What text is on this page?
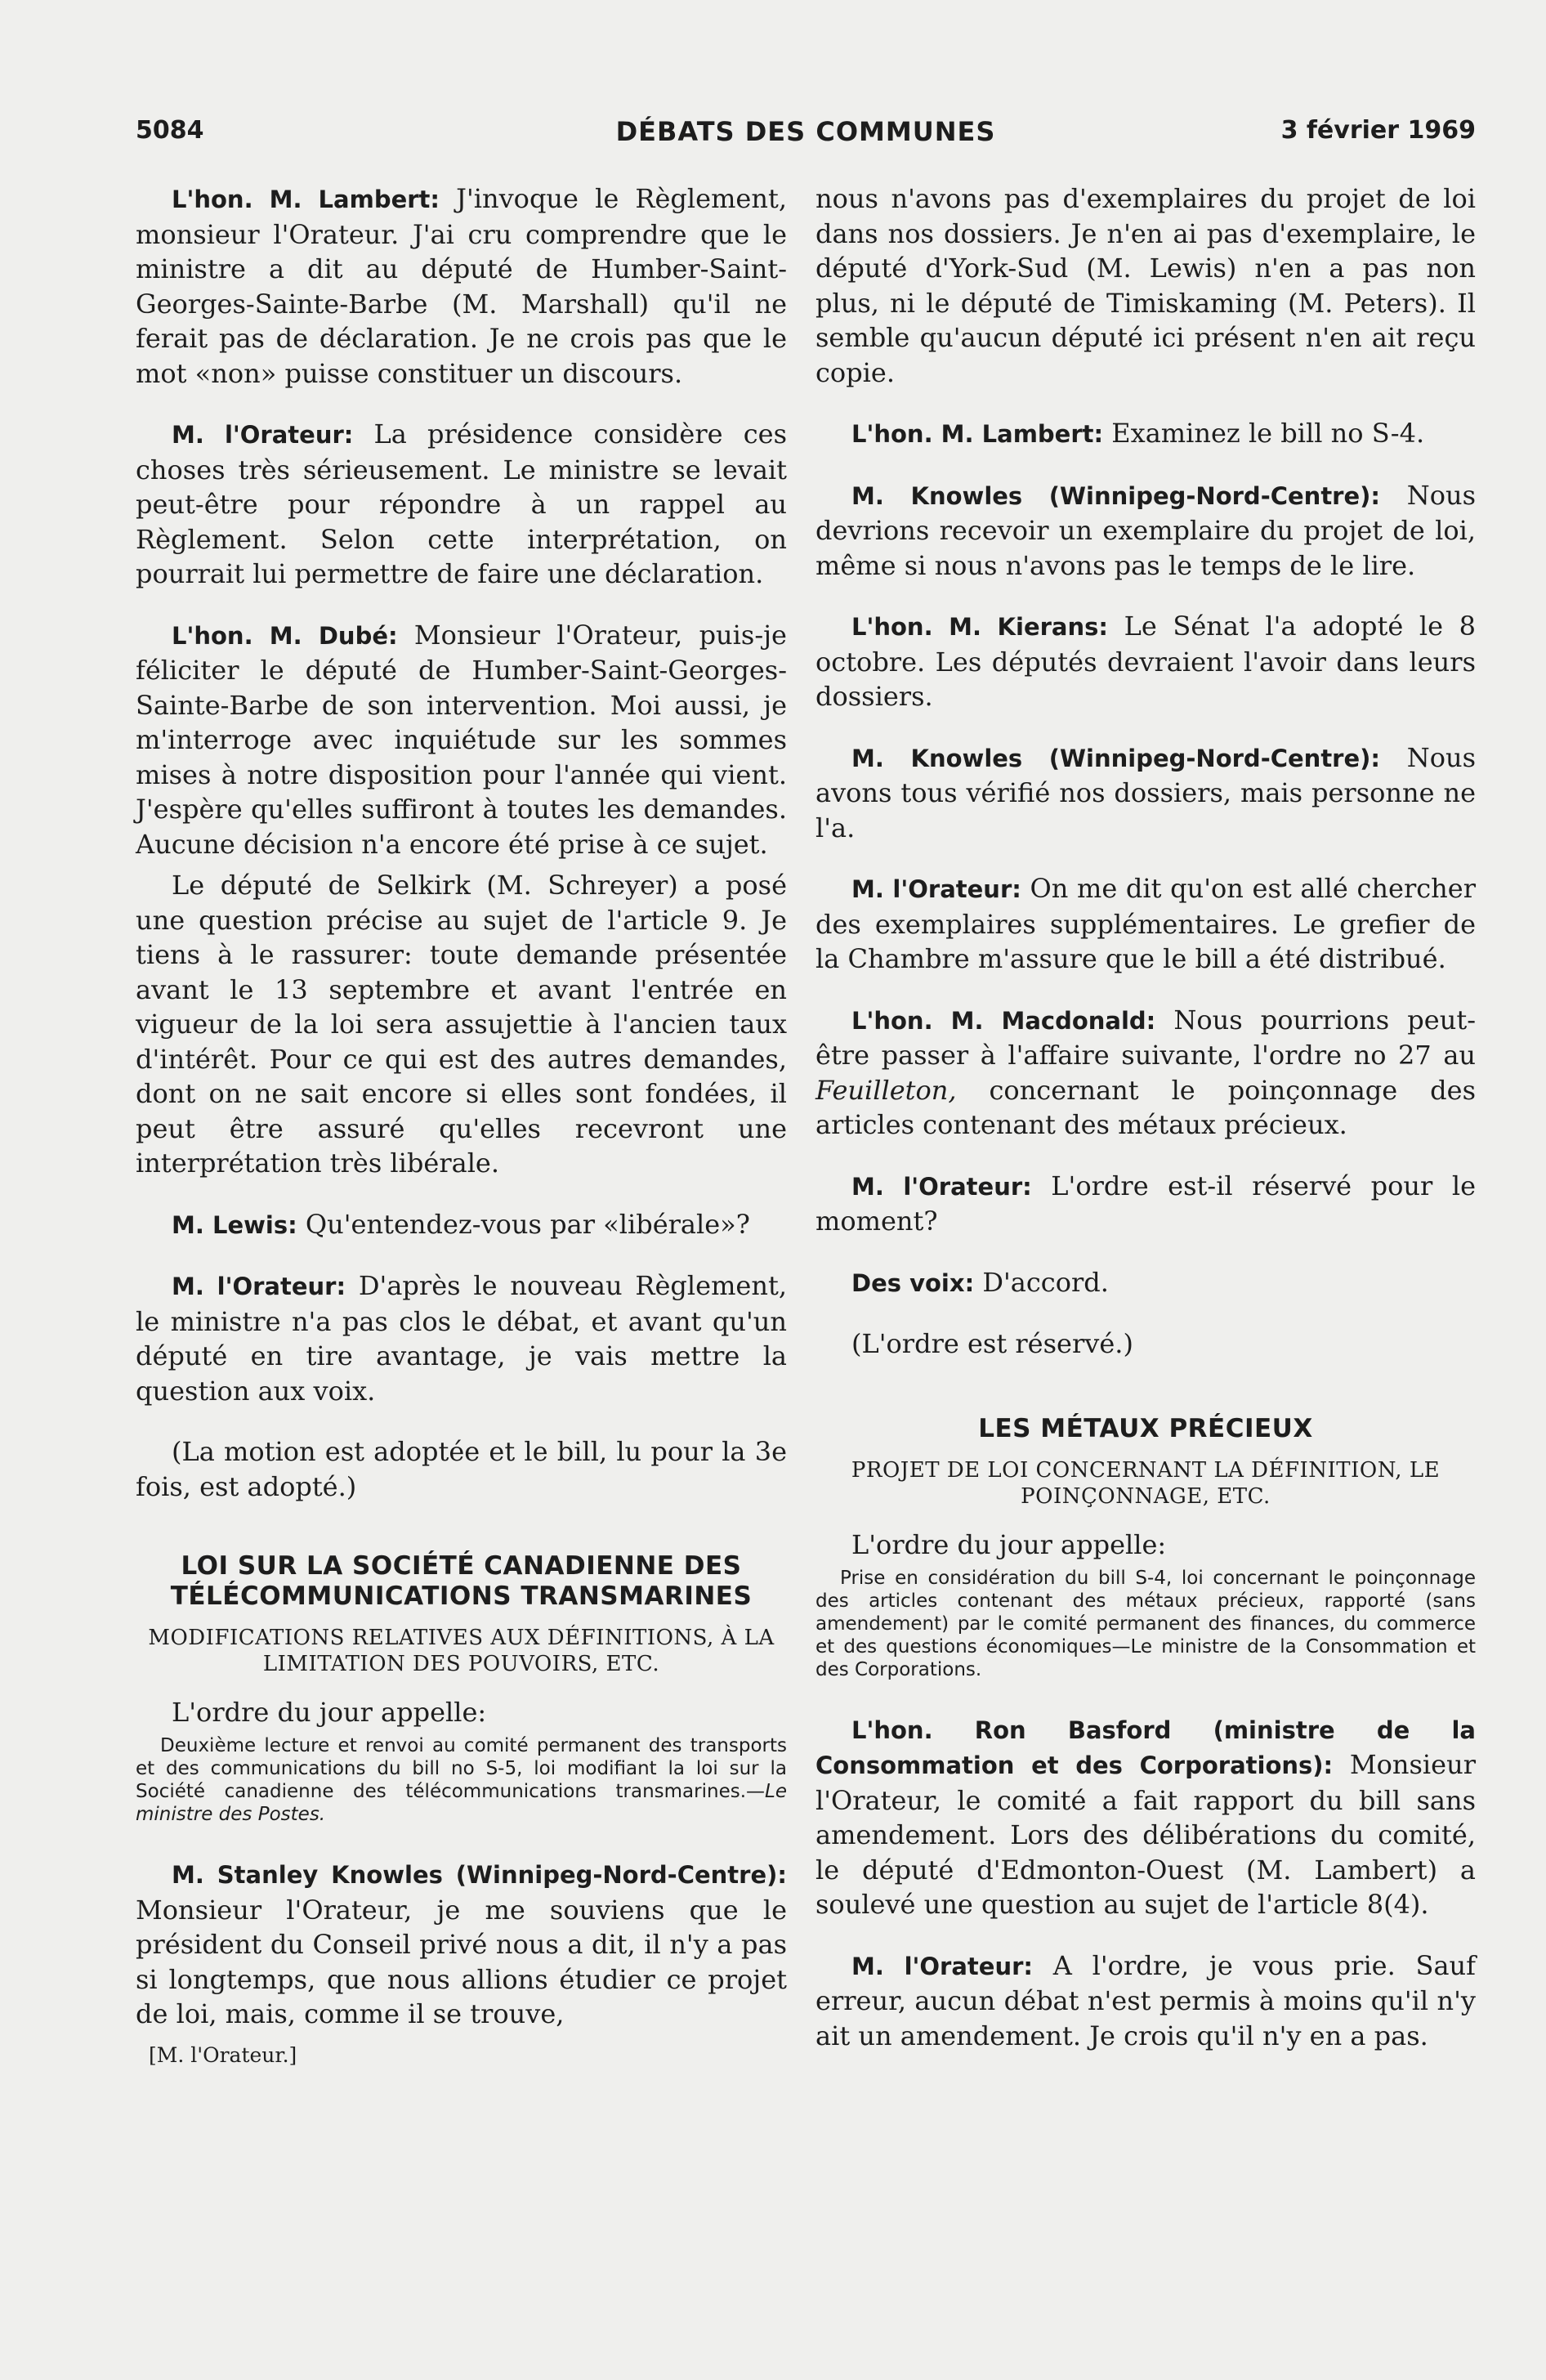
5084	DÉBATS DES COMMUNES	3 février 1969

L'hon. M. Lambert: J'invoque le Règlement, monsieur l'Orateur. J'ai cru comprendre que le ministre a dit au député de Humber-Saint-Georges-Sainte-Barbe (M. Marshall) qu'il ne ferait pas de déclaration. Je ne crois pas que le mot «non» puisse constituer un discours.

M. l'Orateur: La présidence considère ces choses très sérieusement. Le ministre se levait peut-être pour répondre à un rappel au Règlement. Selon cette interprétation, on pourrait lui permettre de faire une déclaration.

L'hon. M. Dubé: Monsieur l'Orateur, puis-je féliciter le député de Humber-Saint-Georges-Sainte-Barbe de son intervention. Moi aussi, je m'interroge avec inquiétude sur les sommes mises à notre disposition pour l'année qui vient. J'espère qu'elles suffiront à toutes les demandes. Aucune décision n'a encore été prise à ce sujet.

Le député de Selkirk (M. Schreyer) a posé une question précise au sujet de l'article 9. Je tiens à le rassurer: toute demande présentée avant le 13 septembre et avant l'entrée en vigueur de la loi sera assujettie à l'ancien taux d'intérêt. Pour ce qui est des autres demandes, dont on ne sait encore si elles sont fondées, il peut être assuré qu'elles recevront une interprétation très libérale.

M. Lewis: Qu'entendez-vous par «libérale»?

M. l'Orateur: D'après le nouveau Règlement, le ministre n'a pas clos le débat, et avant qu'un député en tire avantage, je vais mettre la question aux voix.

(La motion est adoptée et le bill, lu pour la 3e fois, est adopté.)

LOI SUR LA SOCIÉTÉ CANADIENNE DES TÉLÉCOMMUNICATIONS TRANSMARINES
MODIFICATIONS RELATIVES AUX DÉFINITIONS, À LA LIMITATION DES POUVOIRS, ETC.
L'ordre du jour appelle:
Deuxième lecture et renvoi au comité permanent des transports et des communications du bill no S-5, loi modifiant la loi sur la Société canadienne des télécommunications transmarines.—Le ministre des Postes.

M. Stanley Knowles (Winnipeg-Nord-Centre): Monsieur l'Orateur, je me souviens que le président du Conseil privé nous a dit, il n'y a pas si longtemps, que nous allions étudier ce projet de loi, mais, comme il se trouve,

[M. l'Orateur.]

nous n'avons pas d'exemplaires du projet de loi dans nos dossiers. Je n'en ai pas d'exemplaire, le député d'York-Sud (M. Lewis) n'en a pas non plus, ni le député de Timiskaming (M. Peters). Il semble qu'aucun député ici présent n'en ait reçu copie.

L'hon. M. Lambert: Examinez le bill no S-4.

M. Knowles (Winnipeg-Nord-Centre): Nous devrions recevoir un exemplaire du projet de loi, même si nous n'avons pas le temps de le lire.

L'hon. M. Kierans: Le Sénat l'a adopté le 8 octobre. Les députés devraient l'avoir dans leurs dossiers.

M. Knowles (Winnipeg-Nord-Centre): Nous avons tous vérifié nos dossiers, mais personne ne l'a.

M. l'Orateur: On me dit qu'on est allé chercher des exemplaires supplémentaires. Le grefier de la Chambre m'assure que le bill a été distribué.

L'hon. M. Macdonald: Nous pourrions peut-être passer à l'affaire suivante, l'ordre no 27 au Feuilleton, concernant le poinçonnage des articles contenant des métaux précieux.

M. l'Orateur: L'ordre est-il réservé pour le moment?

Des voix: D'accord.

(L'ordre est réservé.)

LES MÉTAUX PRÉCIEUX
PROJET DE LOI CONCERNANT LA DÉFINITION, LE POINÇONNAGE, ETC.
L'ordre du jour appelle:
Prise en considération du bill S-4, loi concernant le poinçonnage des articles contenant des métaux précieux, rapporté (sans amendement) par le comité permanent des finances, du commerce et des questions économiques—Le ministre de la Consommation et des Corporations.

L'hon. Ron Basford (ministre de la Consommation et des Corporations): Monsieur l'Orateur, le comité a fait rapport du bill sans amendement. Lors des délibérations du comité, le député d'Edmonton-Ouest (M. Lambert) a soulevé une question au sujet de l'article 8(4).

M. l'Orateur: A l'ordre, je vous prie. Sauf erreur, aucun débat n'est permis à moins qu'il n'y ait un amendement. Je crois qu'il n'y en a pas.
